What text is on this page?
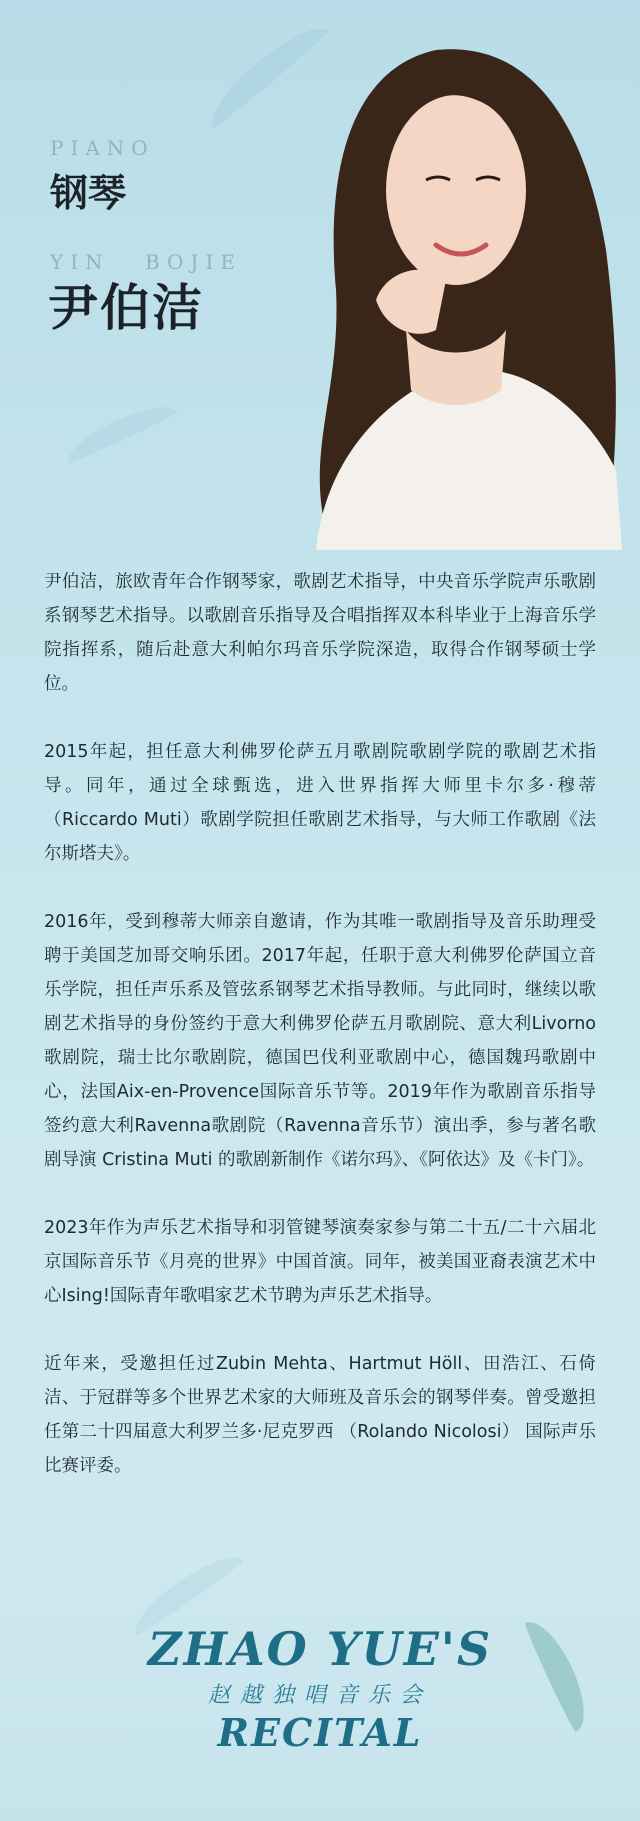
PIANO
钢琴
YIN BOJIE
尹伯洁

尹伯洁，旅欧青年合作钢琴家，歌剧艺术指导，中央音乐学院声乐歌剧系钢琴艺术指导。以歌剧音乐指导及合唱指挥双本科毕业于上海音乐学院指挥系，随后赴意大利帕尔玛音乐学院深造，取得合作钢琴硕士学位。

2015年起，担任意大利佛罗伦萨五月歌剧院歌剧学院的歌剧艺术指导。同年，通过全球甄选，进入世界指挥大师里卡尔多·穆蒂（Riccardo Muti）歌剧学院担任歌剧艺术指导，与大师工作歌剧《法尔斯塔夫》。

2016年，受到穆蒂大师亲自邀请，作为其唯一歌剧指导及音乐助理受聘于美国芝加哥交响乐团。2017年起，任职于意大利佛罗伦萨国立音乐学院，担任声乐系及管弦系钢琴艺术指导教师。与此同时，继续以歌剧艺术指导的身份签约于意大利佛罗伦萨五月歌剧院、意大利Livorno歌剧院，瑞士比尔歌剧院，德国巴伐利亚歌剧中心，德国魏玛歌剧中心，法国Aix-en-Provence国际音乐节等。2019年作为歌剧音乐指导签约意大利Ravenna歌剧院（Ravenna音乐节）演出季，参与著名歌剧导演 Cristina Muti 的歌剧新制作《诺尔玛》、《阿依达》及《卡门》。

2023年作为声乐艺术指导和羽管键琴演奏家参与第二十五/二十六届北京国际音乐节《月亮的世界》中国首演。同年，被美国亚裔表演艺术中心Ising!国际青年歌唱家艺术节聘为声乐艺术指导。

近年来，受邀担任过Zubin Mehta、Hartmut Höll、田浩江、石倚洁、于冠群等多个世界艺术家的大师班及音乐会的钢琴伴奏。曾受邀担任第二十四届意大利罗兰多·尼克罗西 （Rolando Nicolosi） 国际声乐比赛评委。

ZHAO YUE'S
赵越独唱音乐会
RECITAL
